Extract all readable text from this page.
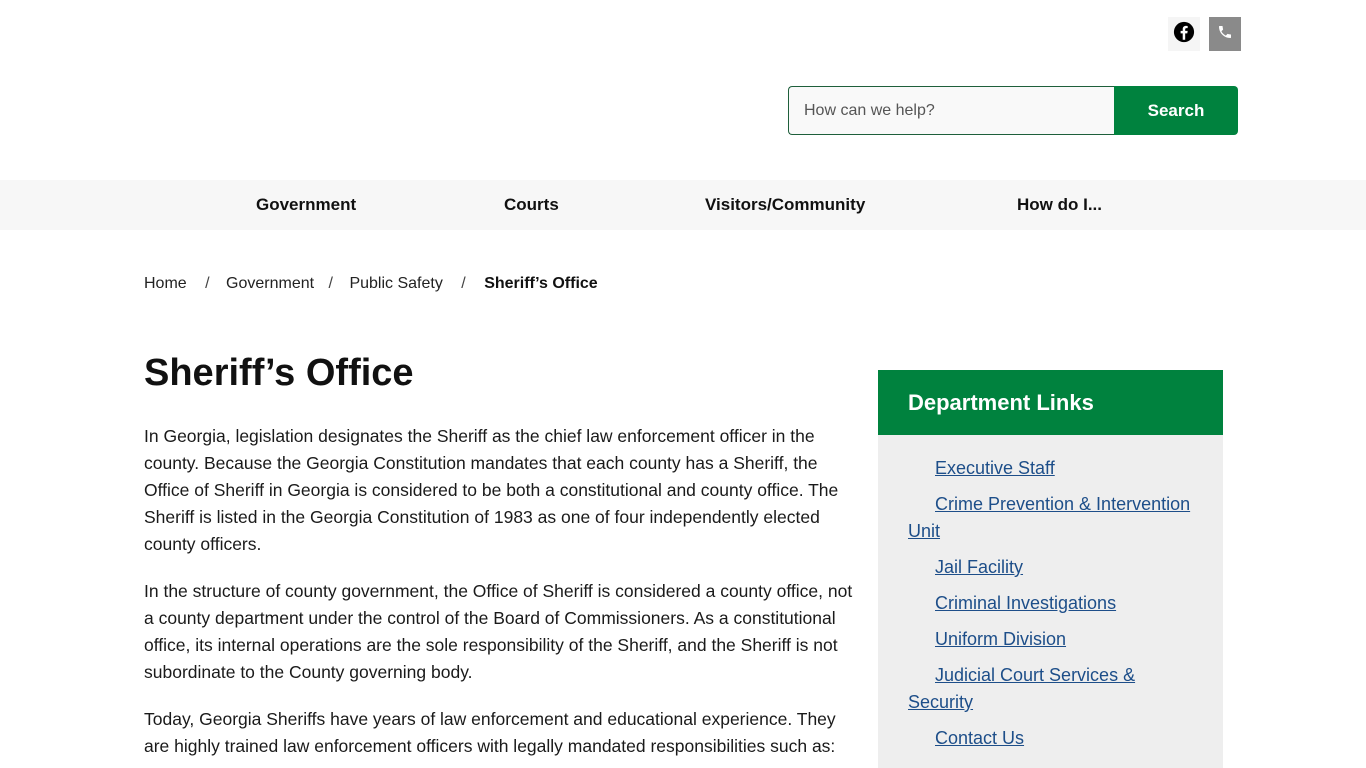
How can we help?
Search
Government	Courts	Visitors/Community	How do I...
Home / Government / Public Safety / Sheriff’s Office
Sheriff’s Office

In Georgia, legislation designates the Sheriff as the chief law enforcement officer in the county. Because the Georgia Constitution mandates that each county has a Sheriff, the Office of Sheriff in Georgia is considered to be both a constitutional and county office. The Sheriff is listed in the Georgia Constitution of 1983 as one of four independently elected county officers.

In the structure of county government, the Office of Sheriff is considered a county office, not a county department under the control of the Board of Commissioners. As a constitutional office, its internal operations are the sole responsibility of the Sheriff, and the Sheriff is not subordinate to the County governing body.

Today, Georgia Sheriffs have years of law enforcement and educational experience. They are highly trained law enforcement officers with legally mandated responsibilities such as:

Department Links
Executive Staff
Crime Prevention & Intervention Unit
Jail Facility
Criminal Investigations
Uniform Division
Judicial Court Services & Security
Contact Us
